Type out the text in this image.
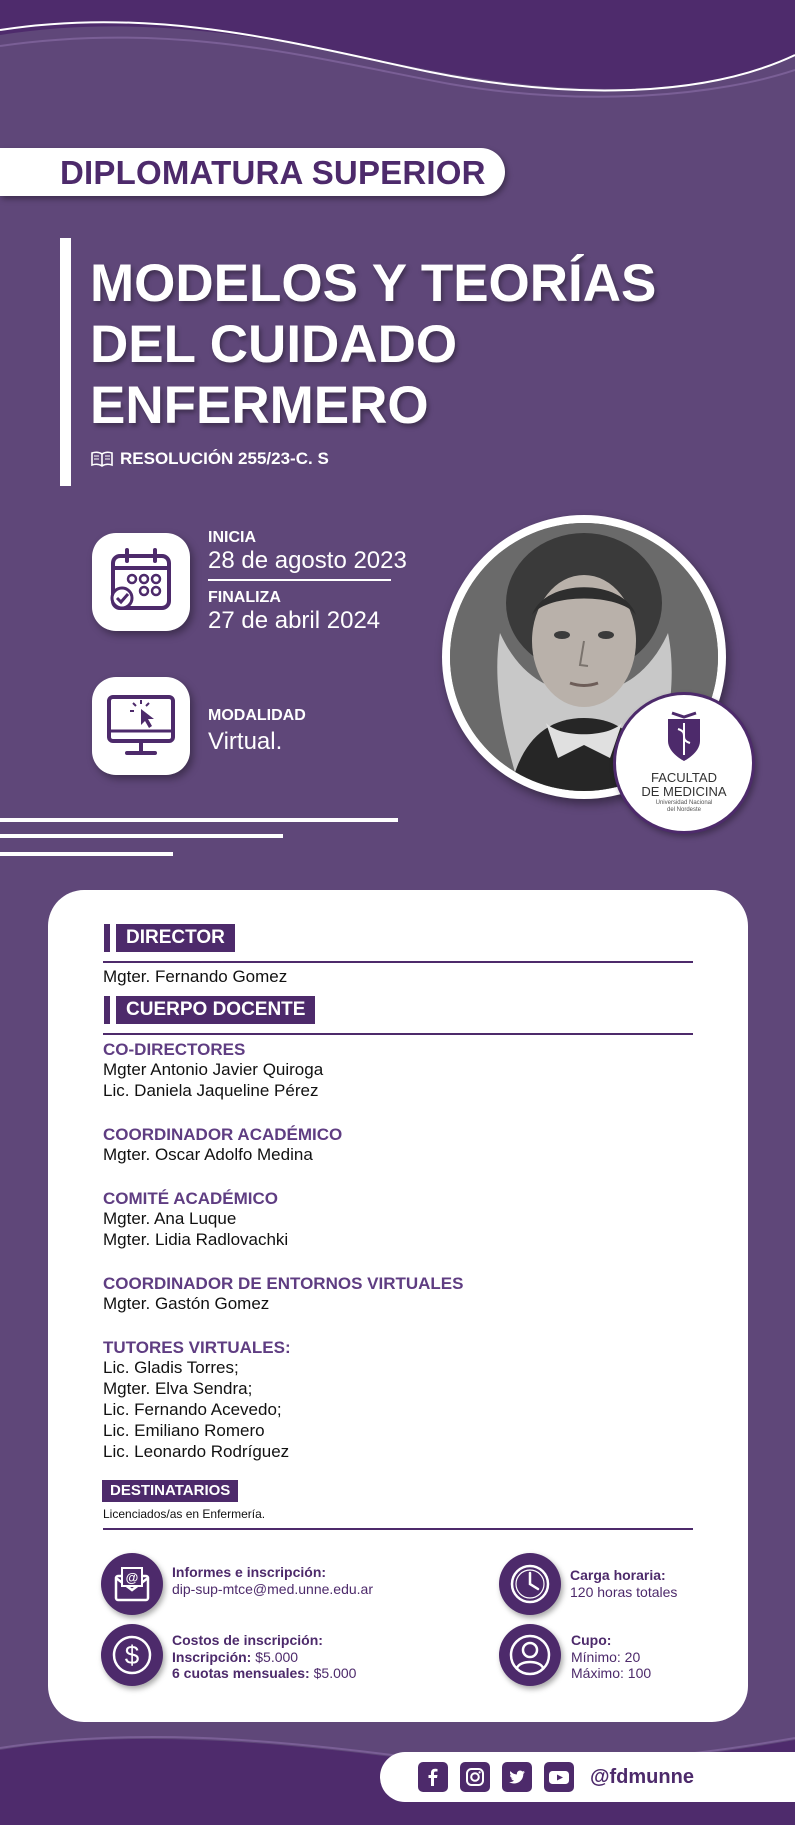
DIPLOMATURA SUPERIOR
MODELOS Y TEORÍAS
DEL CUIDADO
ENFERMERO
RESOLUCIÓN 255/23-C. S
INICIA
28 de agosto 2023
FINALIZA
27 de abril 2024
MODALIDAD
Virtual.
FACULTAD
DE MEDICINA
Universidad Nacional
del Nordeste
DIRECTOR
Mgter. Fernando Gomez
CUERPO DOCENTE
CO-DIRECTORES
Mgter Antonio Javier Quiroga
Lic. Daniela Jaqueline Pérez
COORDINADOR ACADÉMICO
Mgter. Oscar Adolfo Medina
COMITÉ ACADÉMICO
Mgter. Ana Luque
Mgter. Lidia Radlovachki
COORDINADOR DE ENTORNOS VIRTUALES
Mgter. Gastón Gomez
TUTORES VIRTUALES:
Lic. Gladis Torres;
Mgter. Elva Sendra;
Lic. Fernando Acevedo;
Lic. Emiliano Romero
Lic. Leonardo Rodríguez
DESTINATARIOS
Licenciados/as en Enfermería.
@ Informes e inscripción:
dip-sup-mtce@med.unne.edu.ar
Carga horaria:
120 horas totales
$ Costos de inscripción:
Inscripción: $5.000
6 cuotas mensuales: $5.000
Cupo:
Mínimo: 20
Máximo: 100
@fdmunne
